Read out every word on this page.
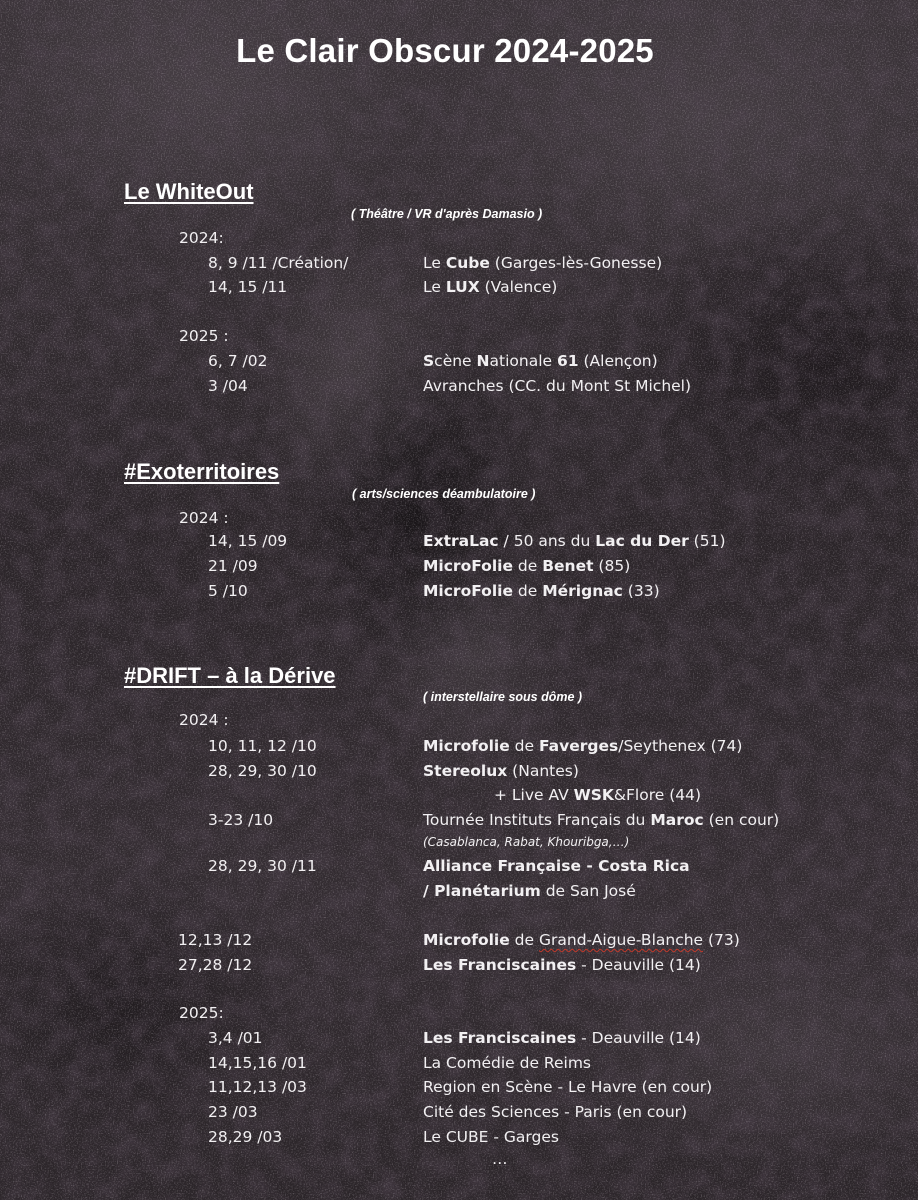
Le Clair Obscur 2024-2025
Le WhiteOut
( Théâtre / VR d'après Damasio )
2024:
8, 9 /11 /Création/	Le Cube (Garges-lès-Gonesse)
14, 15 /11	Le LUX (Valence)
2025 :
6, 7 /02	Scène Nationale 61 (Alençon)
3 /04	Avranches (CC. du Mont St Michel)
#Exoterritoires
( arts/sciences déambulatoire )
2024 :
14, 15 /09	ExtraLac / 50 ans du Lac du Der (51)
21 /09	MicroFolie de Benet (85)
5 /10	MicroFolie de Mérignac (33)
#DRIFT – à la Dérive
( interstellaire sous dôme )
2024 :
10, 11, 12 /10	Microfolie de Faverges/Seythenex (74)
28, 29, 30 /10	Stereolux (Nantes)
+ Live AV WSK&Flore (44)
3-23 /10	Tournée Instituts Français du Maroc (en cour)
(Casablanca, Rabat, Khouribga,…)
28, 29, 30 /11	Alliance Française - Costa Rica
/ Planétarium de San José
12,13 /12	Microfolie de Grand-Aigue-Blanche (73)
27,28 /12	Les Franciscaines - Deauville (14)
2025:
3,4 /01	Les Franciscaines - Deauville (14)
14,15,16 /01	La Comédie de Reims
11,12,13 /03	Region en Scène - Le Havre (en cour)
23 /03	Cité des Sciences - Paris (en cour)
28,29 /03	Le CUBE - Garges
…
